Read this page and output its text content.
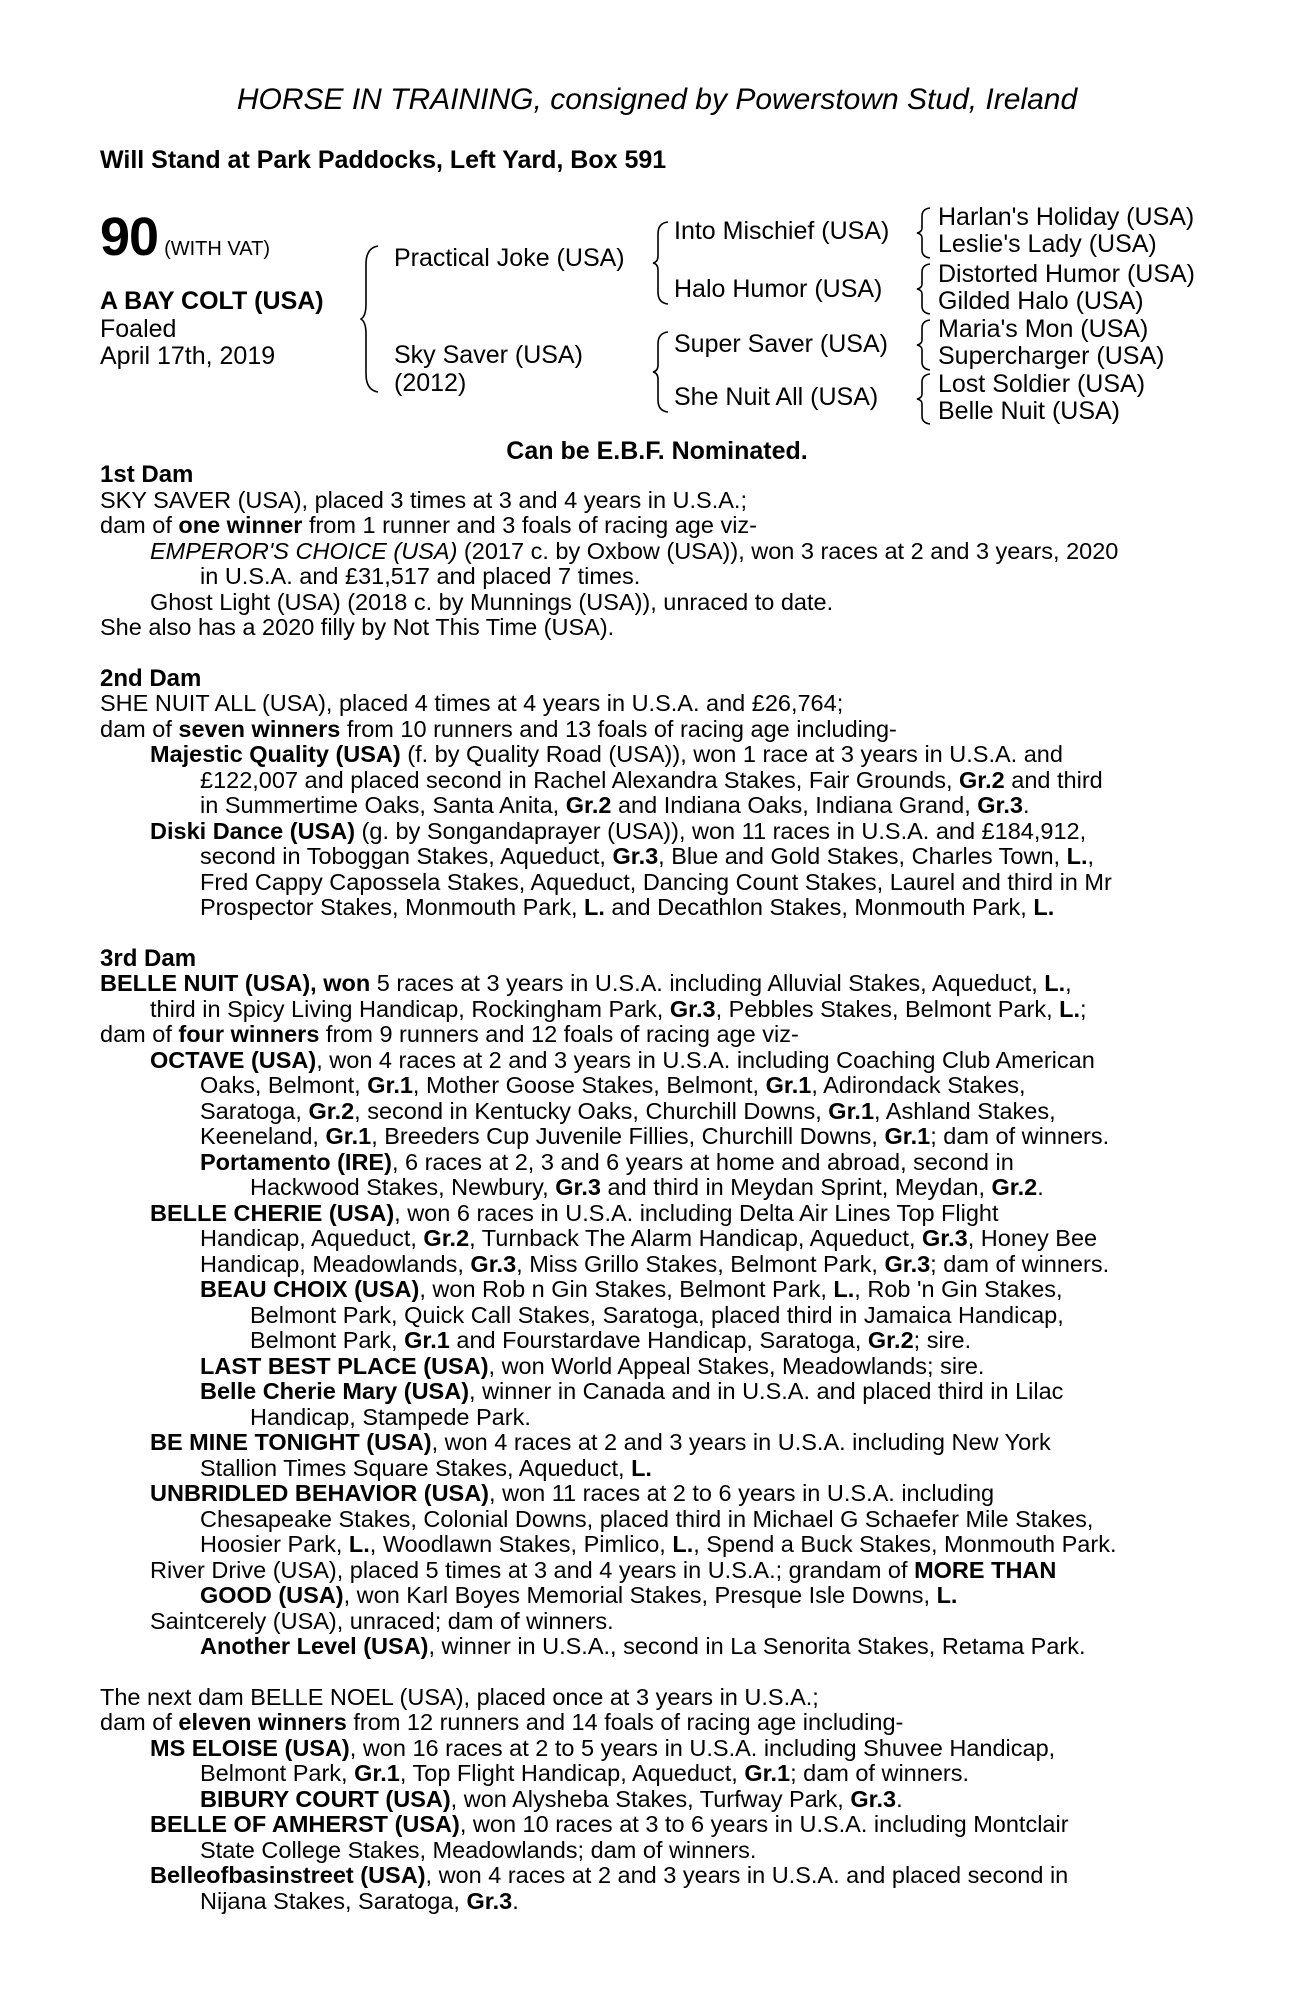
HORSE IN TRAINING, consigned by Powerstown Stud, Ireland
Will Stand at Park Paddocks, Left Yard, Box 591
90 (WITH VAT)
A BAY COLT (USA)
Foaled
April 17th, 2019
Practical Joke (USA)
Sky Saver (USA)
(2012)
Into Mischief (USA)
Halo Humor (USA)
Super Saver (USA)
She Nuit All (USA)
Harlan's Holiday (USA)
Leslie's Lady (USA)
Distorted Humor (USA)
Gilded Halo (USA)
Maria's Mon (USA)
Supercharger (USA)
Lost Soldier (USA)
Belle Nuit (USA)
Can be E.B.F. Nominated.
1st Dam
SKY SAVER (USA), placed 3 times at 3 and 4 years in U.S.A.;
dam of one winner from 1 runner and 3 foals of racing age viz-
EMPEROR'S CHOICE (USA) (2017 c. by Oxbow (USA)), won 3 races at 2 and 3 years, 2020
in U.S.A. and £31,517 and placed 7 times.
Ghost Light (USA) (2018 c. by Munnings (USA)), unraced to date.
She also has a 2020 filly by Not This Time (USA).
2nd Dam
SHE NUIT ALL (USA), placed 4 times at 4 years in U.S.A. and £26,764;
dam of seven winners from 10 runners and 13 foals of racing age including-
Majestic Quality (USA) (f. by Quality Road (USA)), won 1 race at 3 years in U.S.A. and
£122,007 and placed second in Rachel Alexandra Stakes, Fair Grounds, Gr.2 and third
in Summertime Oaks, Santa Anita, Gr.2 and Indiana Oaks, Indiana Grand, Gr.3.
Diski Dance (USA) (g. by Songandaprayer (USA)), won 11 races in U.S.A. and £184,912,
second in Toboggan Stakes, Aqueduct, Gr.3, Blue and Gold Stakes, Charles Town, L.,
Fred Cappy Capossela Stakes, Aqueduct, Dancing Count Stakes, Laurel and third in Mr
Prospector Stakes, Monmouth Park, L. and Decathlon Stakes, Monmouth Park, L.
3rd Dam
BELLE NUIT (USA), won 5 races at 3 years in U.S.A. including Alluvial Stakes, Aqueduct, L.,
third in Spicy Living Handicap, Rockingham Park, Gr.3, Pebbles Stakes, Belmont Park, L.;
dam of four winners from 9 runners and 12 foals of racing age viz-
OCTAVE (USA), won 4 races at 2 and 3 years in U.S.A. including Coaching Club American
Oaks, Belmont, Gr.1, Mother Goose Stakes, Belmont, Gr.1, Adirondack Stakes,
Saratoga, Gr.2, second in Kentucky Oaks, Churchill Downs, Gr.1, Ashland Stakes,
Keeneland, Gr.1, Breeders Cup Juvenile Fillies, Churchill Downs, Gr.1; dam of winners.
Portamento (IRE), 6 races at 2, 3 and 6 years at home and abroad, second in
Hackwood Stakes, Newbury, Gr.3 and third in Meydan Sprint, Meydan, Gr.2.
BELLE CHERIE (USA), won 6 races in U.S.A. including Delta Air Lines Top Flight
Handicap, Aqueduct, Gr.2, Turnback The Alarm Handicap, Aqueduct, Gr.3, Honey Bee
Handicap, Meadowlands, Gr.3, Miss Grillo Stakes, Belmont Park, Gr.3; dam of winners.
BEAU CHOIX (USA), won Rob n Gin Stakes, Belmont Park, L., Rob 'n Gin Stakes,
Belmont Park, Quick Call Stakes, Saratoga, placed third in Jamaica Handicap,
Belmont Park, Gr.1 and Fourstardave Handicap, Saratoga, Gr.2; sire.
LAST BEST PLACE (USA), won World Appeal Stakes, Meadowlands; sire.
Belle Cherie Mary (USA), winner in Canada and in U.S.A. and placed third in Lilac
Handicap, Stampede Park.
BE MINE TONIGHT (USA), won 4 races at 2 and 3 years in U.S.A. including New York
Stallion Times Square Stakes, Aqueduct, L.
UNBRIDLED BEHAVIOR (USA), won 11 races at 2 to 6 years in U.S.A. including
Chesapeake Stakes, Colonial Downs, placed third in Michael G Schaefer Mile Stakes,
Hoosier Park, L., Woodlawn Stakes, Pimlico, L., Spend a Buck Stakes, Monmouth Park.
River Drive (USA), placed 5 times at 3 and 4 years in U.S.A.; grandam of MORE THAN
GOOD (USA), won Karl Boyes Memorial Stakes, Presque Isle Downs, L.
Saintcerely (USA), unraced; dam of winners.
Another Level (USA), winner in U.S.A., second in La Senorita Stakes, Retama Park.
The next dam BELLE NOEL (USA), placed once at 3 years in U.S.A.;
dam of eleven winners from 12 runners and 14 foals of racing age including-
MS ELOISE (USA), won 16 races at 2 to 5 years in U.S.A. including Shuvee Handicap,
Belmont Park, Gr.1, Top Flight Handicap, Aqueduct, Gr.1; dam of winners.
BIBURY COURT (USA), won Alysheba Stakes, Turfway Park, Gr.3.
BELLE OF AMHERST (USA), won 10 races at 3 to 6 years in U.S.A. including Montclair
State College Stakes, Meadowlands; dam of winners.
Belleofbasinstreet (USA), won 4 races at 2 and 3 years in U.S.A. and placed second in
Nijana Stakes, Saratoga, Gr.3.
